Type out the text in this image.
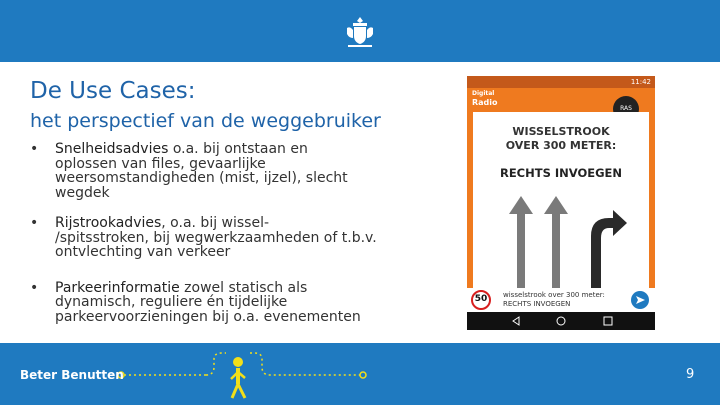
De Use Cases:
het perspectief van de weggebruiker
• Snelheidsadvies o.a. bij ontstaan en
oplossen van files, gevaarlijke
weersomstandigheden (mist, ijzel), slecht
wegdek
• Rijstrookadvies, o.a. bij wissel-
/spitsstroken, bij wegwerkzaamheden of t.b.v.
ontvlechting van verkeer
• Parkeerinformatie zowel statisch als
dynamisch, reguliere én tijdelijke
parkeervoorzieningen bij o.a. evenementen
11:42
Digital
Radio
RAS
WISSELSTROOK
OVER 300 METER:
RECHTS INVOEGEN
50	wisselstrook over 300 meter:
RECHTS INVOEGEN
Beter Benutten	9
